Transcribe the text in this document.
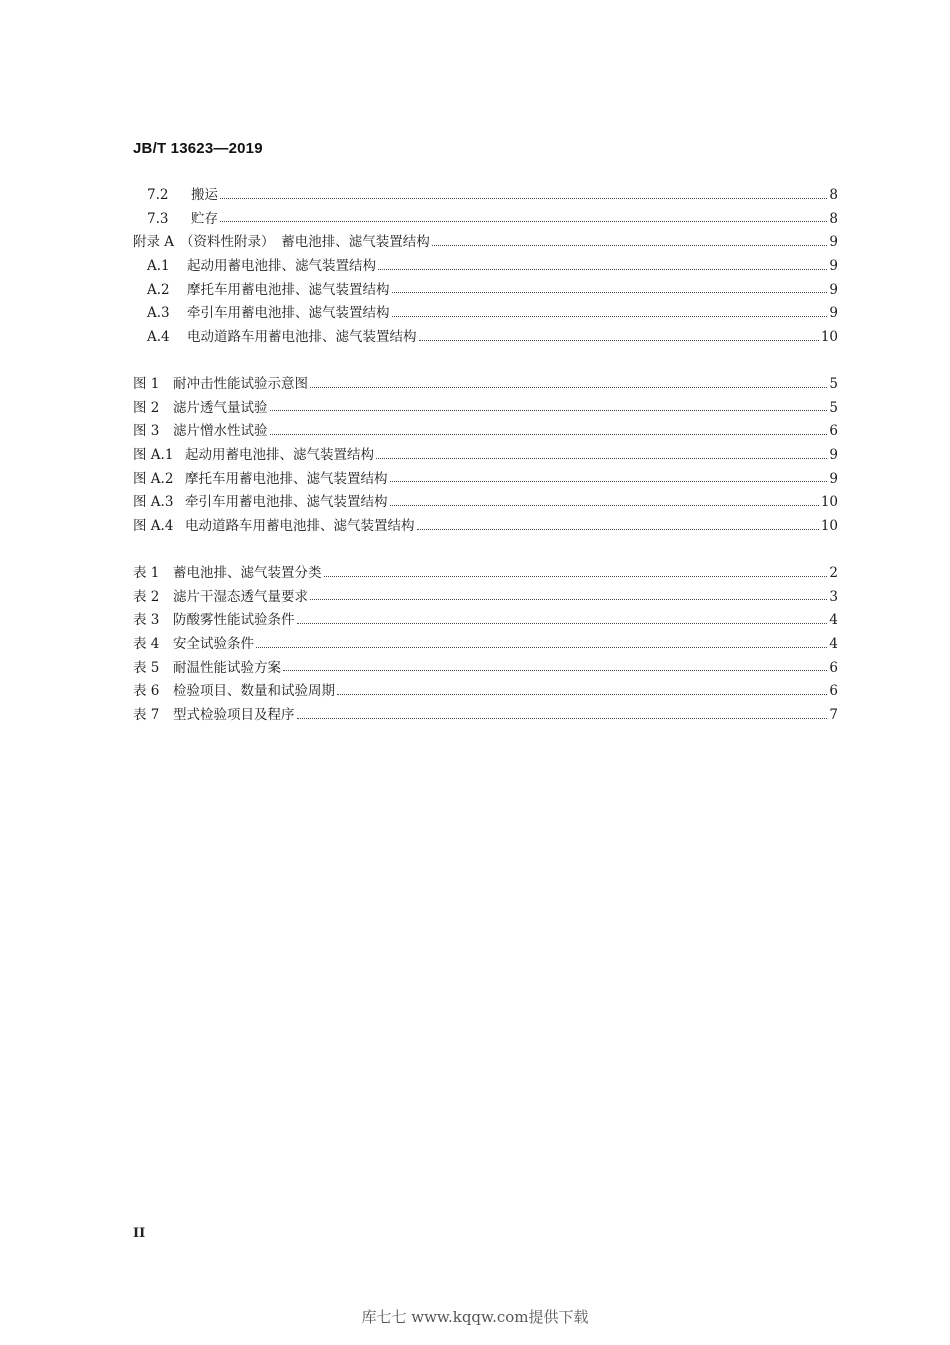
JB/T 13623—2019
7.2	搬运	8
7.3	贮存	8
附录 A （资料性附录）　蓄电池排、滤气装置结构	9
A.1	起动用蓄电池排、滤气装置结构	9
A.2	摩托车用蓄电池排、滤气装置结构	9
A.3	牵引车用蓄电池排、滤气装置结构	9
A.4	电动道路车用蓄电池排、滤气装置结构	10
图 1	耐冲击性能试验示意图	5
图 2	滤片透气量试验	5
图 3	滤片憎水性试验	6
图 A.1 起动用蓄电池排、滤气装置结构	9
图 A.2 摩托车用蓄电池排、滤气装置结构	9
图 A.3 牵引车用蓄电池排、滤气装置结构	10
图 A.4 电动道路车用蓄电池排、滤气装置结构	10
表 1	蓄电池排、滤气装置分类	2
表 2	滤片干湿态透气量要求	3
表 3	防酸雾性能试验条件	4
表 4	安全试验条件	4
表 5	耐温性能试验方案	6
表 6	检验项目、数量和试验周期	6
表 7	型式检验项目及程序	7
II
库七七 www.kqqw.com提供下载
